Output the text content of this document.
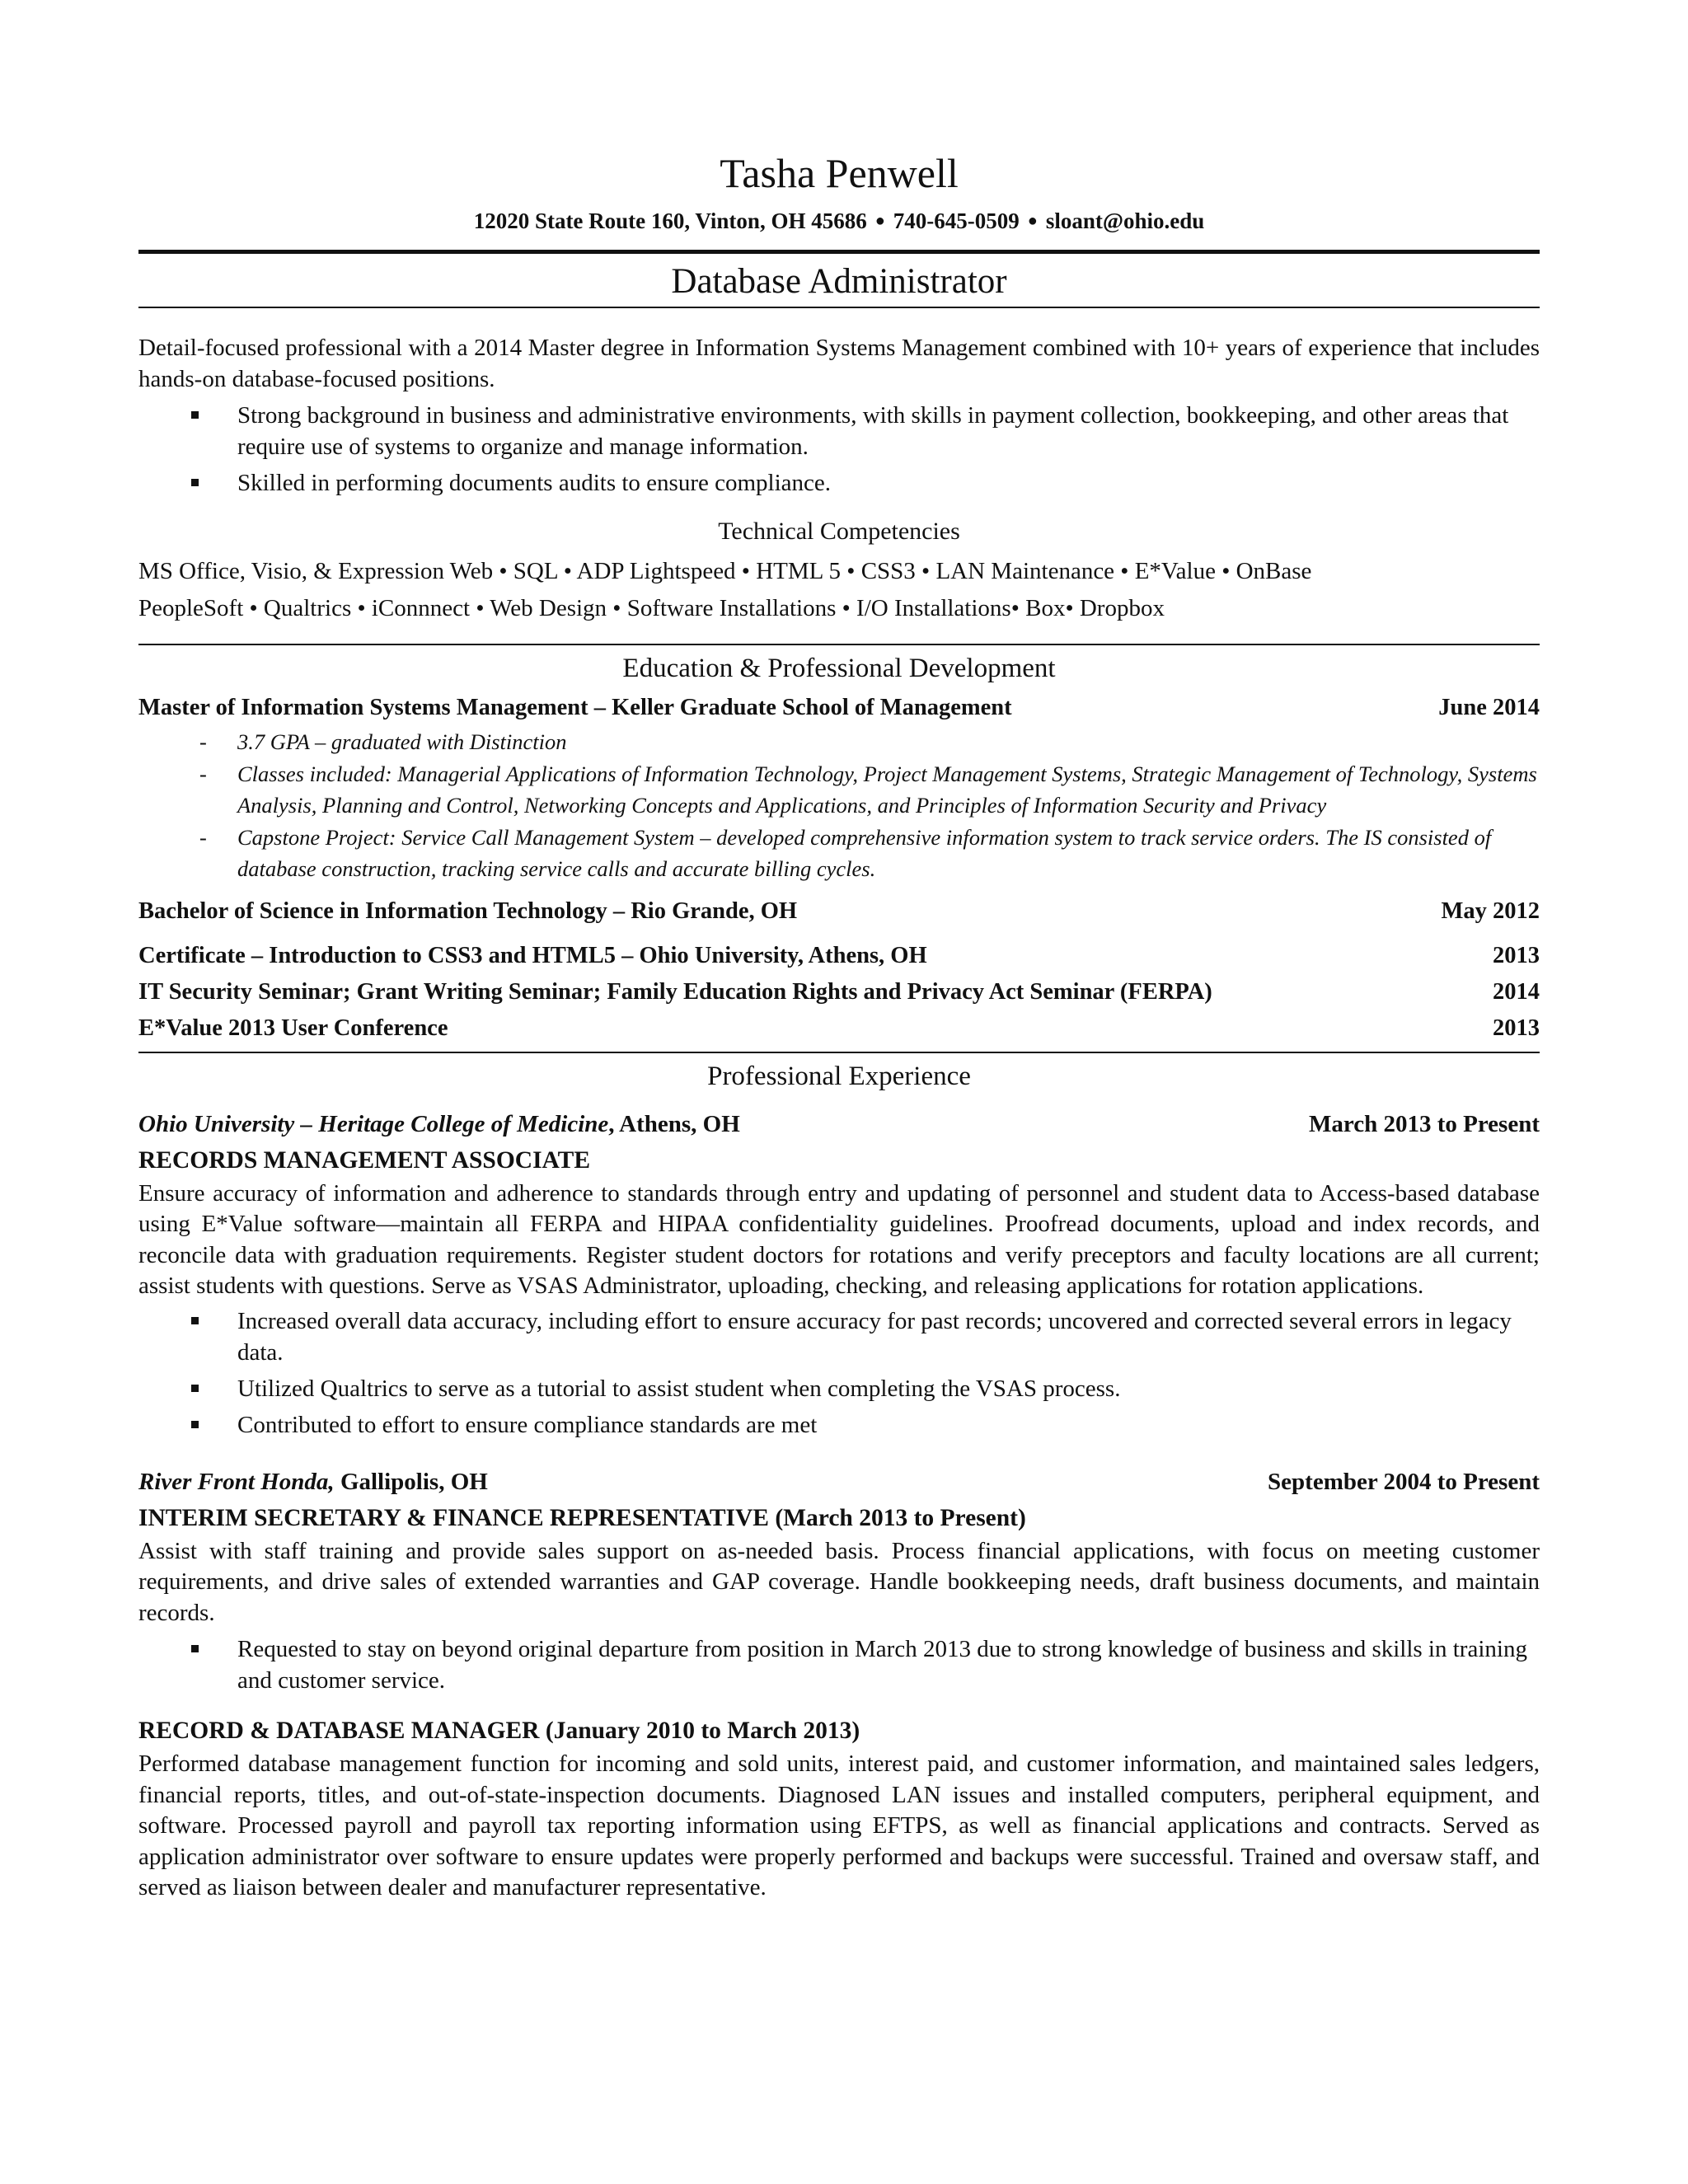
Tasha Penwell
12020 State Route 160, Vinton, OH 45686 ● 740-645-0509 ● sloant@ohio.edu
Database Administrator

Detail-focused professional with a 2014 Master degree in Information Systems Management combined with 10+ years of experience that includes hands-on database-focused positions.

Strong background in business and administrative environments, with skills in payment collection, bookkeeping, and other areas that require use of systems to organize and manage information.
Skilled in performing documents audits to ensure compliance.
Technical Competencies
MS Office, Visio, & Expression Web • SQL • ADP Lightspeed • HTML 5 • CSS3 • LAN Maintenance • E*Value • OnBase
PeopleSoft • Qualtrics • iConnnect • Web Design • Software Installations • I/O Installations• Box• Dropbox
Education & Professional Development
Master of Information Systems Management – Keller Graduate School of Management	June 2014
- 3.7 GPA – graduated with Distinction
- Classes included: Managerial Applications of Information Technology, Project Management Systems, Strategic Management of Technology, Systems Analysis, Planning and Control, Networking Concepts and Applications, and Principles of Information Security and Privacy
- Capstone Project: Service Call Management System – developed comprehensive information system to track service orders. The IS consisted of database construction, tracking service calls and accurate billing cycles.
Bachelor of Science in Information Technology – Rio Grande, OH	May 2012
Certificate – Introduction to CSS3 and HTML5 – Ohio University, Athens, OH	2013
IT Security Seminar; Grant Writing Seminar; Family Education Rights and Privacy Act Seminar (FERPA)	2014
E*Value 2013 User Conference	2013
Professional Experience
Ohio University – Heritage College of Medicine, Athens, OH	March 2013 to Present
RECORDS MANAGEMENT ASSOCIATE

Ensure accuracy of information and adherence to standards through entry and updating of personnel and student data to Access-based database using E*Value software—maintain all FERPA and HIPAA confidentiality guidelines. Proofread documents, upload and index records, and reconcile data with graduation requirements. Register student doctors for rotations and verify preceptors and faculty locations are all current; assist students with questions. Serve as VSAS Administrator, uploading, checking, and releasing applications for rotation applications.

Increased overall data accuracy, including effort to ensure accuracy for past records; uncovered and corrected several errors in legacy data.
Utilized Qualtrics to serve as a tutorial to assist student when completing the VSAS process.
Contributed to effort to ensure compliance standards are met
River Front Honda, Gallipolis, OH	September 2004 to Present
INTERIM SECRETARY & FINANCE REPRESENTATIVE (March 2013 to Present)

Assist with staff training and provide sales support on as-needed basis. Process financial applications, with focus on meeting customer requirements, and drive sales of extended warranties and GAP coverage. Handle bookkeeping needs, draft business documents, and maintain records.

Requested to stay on beyond original departure from position in March 2013 due to strong knowledge of business and skills in training and customer service.
RECORD & DATABASE MANAGER (January 2010 to March 2013)

Performed database management function for incoming and sold units, interest paid, and customer information, and maintained sales ledgers, financial reports, titles, and out-of-state-inspection documents. Diagnosed LAN issues and installed computers, peripheral equipment, and software. Processed payroll and payroll tax reporting information using EFTPS, as well as financial applications and contracts. Served as application administrator over software to ensure updates were properly performed and backups were successful. Trained and oversaw staff, and served as liaison between dealer and manufacturer representative.
